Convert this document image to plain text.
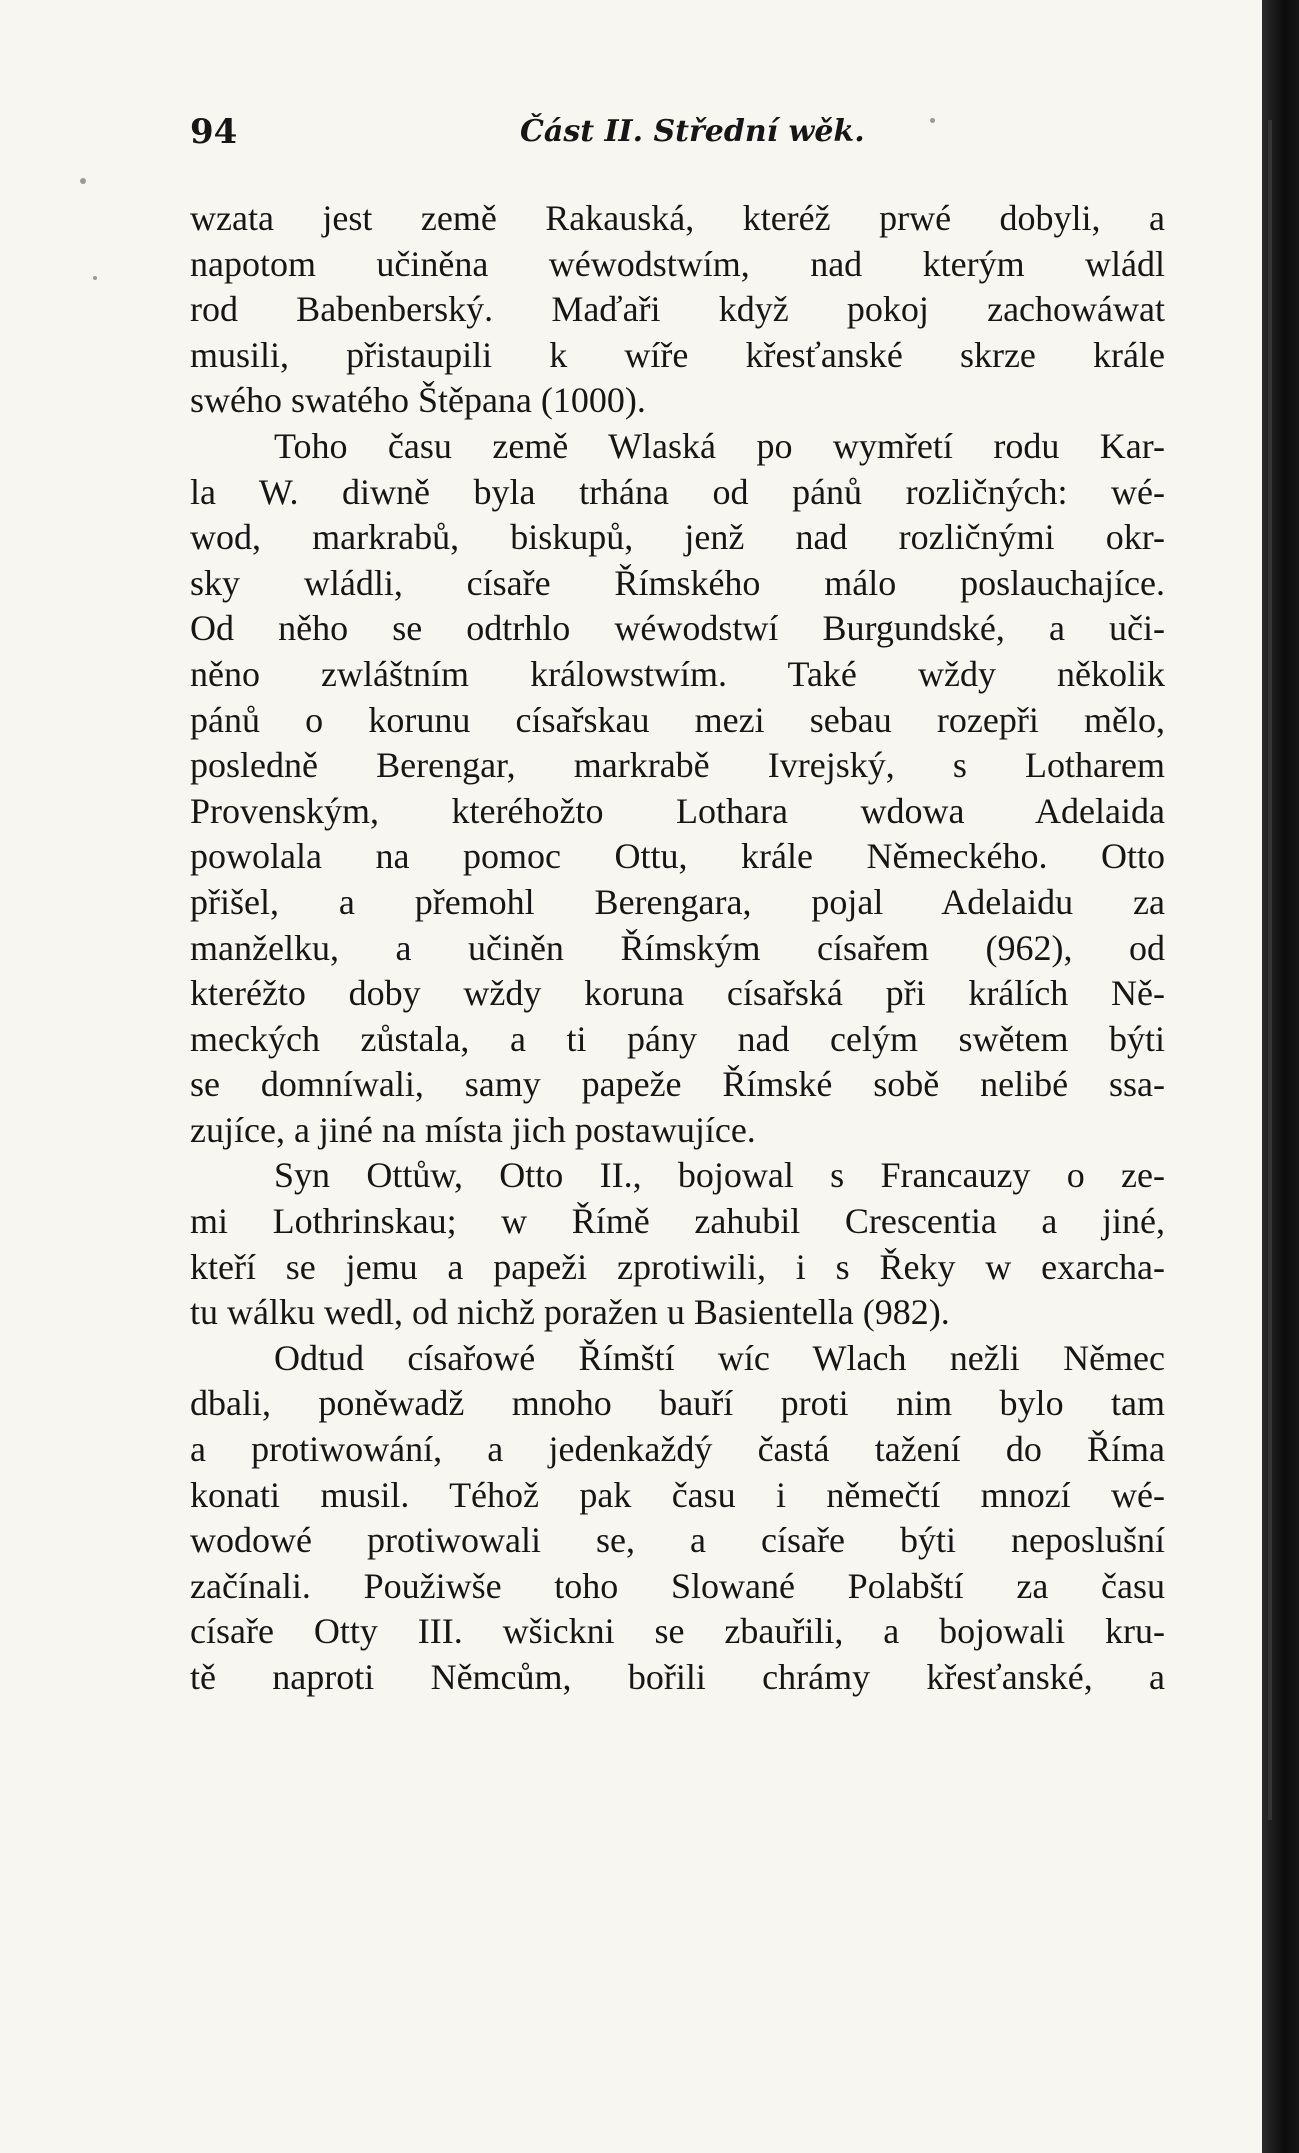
94	Část II. Střední wěk.
wzata jest země Rakauská, kteréž prwé dobyli, a
napotom učiněna wéwodstwím, nad kterým wládl
rod Babenberský. Maďaři když pokoj zachowáwat
musili, přistaupili k wíře křesťanské skrze krále
swého swatého Štěpana (1000).
Toho času země Wlaská po wymřetí rodu Kar-
la W. diwně byla trhána od pánů rozličných: wé-
wod, markrabů, biskupů, jenž nad rozličnými okr-
sky wládli, císaře Římského málo poslauchajíce.
Od něho se odtrhlo wéwodstwí Burgundské, a uči-
něno zwláštním králowstwím. Také wždy několik
pánů o korunu císařskau mezi sebau rozepři mělo,
posledně Berengar, markrabě Ivrejský, s Lotharem
Provenským, kteréhožto Lothara wdowa Adelaida
powolala na pomoc Ottu, krále Německého. Otto
přišel, a přemohl Berengara, pojal Adelaidu za
manželku, a učiněn Římským císařem (962), od
kteréžto doby wždy koruna císařská při králích Ně-
meckých zůstala, a ti pány nad celým swětem býti
se domníwali, samy papeže Římské sobě nelibé ssa-
zujíce, a jiné na místa jich postawujíce.
Syn Ottůw, Otto II., bojowal s Francauzy o ze-
mi Lothrinskau; w Římě zahubil Crescentia a jiné,
kteří se jemu a papeži zprotiwili, i s Řeky w exarcha-
tu wálku wedl, od nichž poražen u Basientella (982).
Odtud císařowé Římští wíc Wlach nežli Němec
dbali, poněwadž mnoho bauří proti nim bylo tam
a protiwowání, a jedenkaždý častá tažení do Říma
konati musil. Téhož pak času i němečtí mnozí wé-
wodowé protiwowali se, a císaře býti neposlušní
začínali. Použiwše toho Slowané Polabští za času
císaře Otty III. wšickni se zbauřili, a bojowali kru-
tě naproti Němcům, bořili chrámy křesťanské, a
